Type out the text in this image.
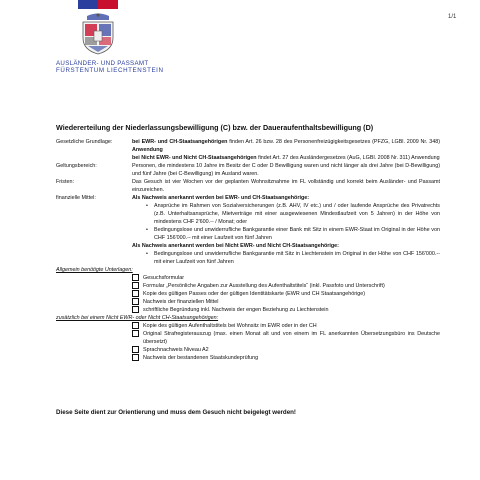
AUSLÄNDER- UND PASSAMT
FÜRSTENTUM LIECHTENSTEIN
1/1
Wiedererteilung der Niederlassungsbewilligung (C) bzw. der Daueraufenthaltsbewilligung (D)
Gesetzliche Grundlage:	bei EWR- und CH-Staatsangehörigen finden Art. 26 bzw. 28 des Personenfreizügigkeitsgesetzes (PFZG, LGBl. 2009 Nr. 348) Anwendung
bei Nicht EWR- und Nicht CH-Staatsangehörigen findet Art. 27 des Ausländergesetzes (AuG, LGBl. 2008 Nr. 311) Anwendung
Geltungsbereich:	Personen, die mindestens 10 Jahre im Besitz der C oder D Bewilligung waren und nicht länger als drei Jahre (bei D-Bewilligung) und fünf Jahre (bei C-Bewilligung) im Ausland waren.
Fristen:	Das Gesuch ist vier Wochen vor der geplanten Wohnsitznahme im FL vollständig und korrekt beim Ausländer- und Passamt einzureichen.
finanzielle Mittel:	Als Nachweis anerkannt werden bei EWR- und CH-Staatsangehörige:
•	Ansprüche im Rahmen von Sozialversicherungen (z.B. AHV, IV etc.) und / oder laufende Ansprüche des Privatrechts (z.B. Unterhaltsansprüche, Mietverträge mit einer ausgewiesenen Mindestlaufzeit von 5 Jahren) in der Höhe von mindestens CHF 2'600.-- / Monat; oder
•	Bedingungslose und unwiderrufliche Bankgarantie einer Bank mit Sitz in einem EWR-Staat im Original in der Höhe von CHF 156'000.-- mit einer Laufzeit von fünf Jahren
Als Nachweis anerkannt werden bei Nicht EWR- und Nicht CH-Staatsangehörige:
•	Bedingungslose und unwiderrufliche Bankgarantie mit Sitz in Liechtenstein im Original in der Höhe von CHF 156'000.-- mit einer Laufzeit von fünf Jahren
Allgemein benötigte Unterlagen:
Gesuchsformular
Formular „Persönliche Angaben zur Ausstellung des Aufenthaltstitels“ (inkl. Passfoto und Unterschrift)
Kopie des gültigen Passes oder der gültigen Identitätskarte (EWR und CH Staatsangehörige)
Nachweis der finanziellen Mittel
schriftliche Begründung inkl. Nachweis der engen Beziehung zu Liechtenstein
zusätzlich bei einem Nicht EWR- oder Nicht CH-Staatsangehörigen:
Kopie des gültigen Aufenthaltstitels bei Wohnsitz im EWR oder in der CH
Original Strafregisterauszug (max. einen Monat alt und von einem im FL anerkannten Übersetzungsbüro ins Deutsche übersetzt)
Sprachnachweis Niveau A2
Nachweis der bestandenen Staatskundeprüfung
Diese Seite dient zur Orientierung und muss dem Gesuch nicht beigelegt werden!
